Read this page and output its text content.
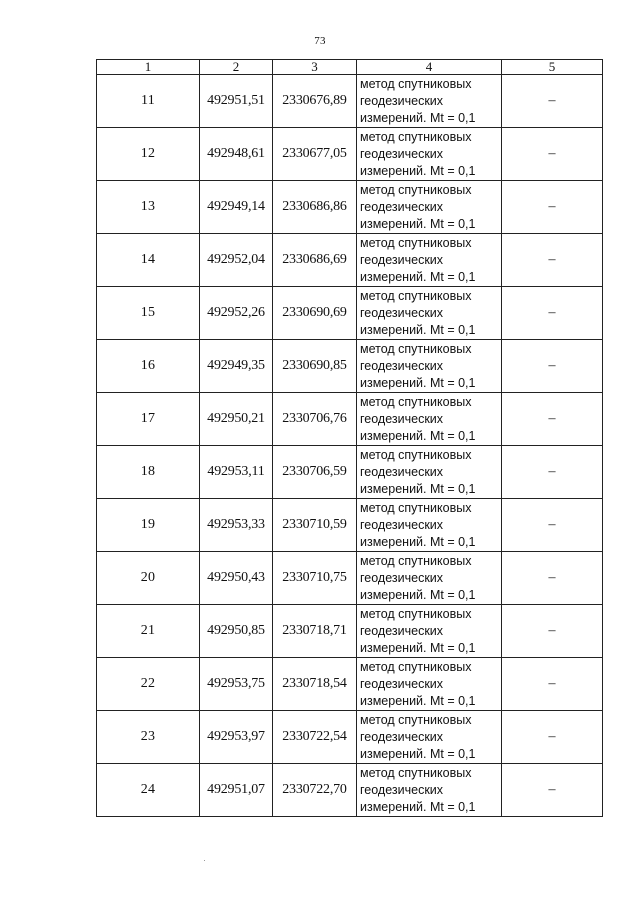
73
1	2	3	4	5
11	492951,51	2330676,89	метод спутниковых
геодезических
измерений. Mt = 0,1	–
12	492948,61	2330677,05	метод спутниковых
геодезических
измерений. Mt = 0,1	–
13	492949,14	2330686,86	метод спутниковых
геодезических
измерений. Mt = 0,1	–
14	492952,04	2330686,69	метод спутниковых
геодезических
измерений. Mt = 0,1	–
15	492952,26	2330690,69	метод спутниковых
геодезических
измерений. Mt = 0,1	–
16	492949,35	2330690,85	метод спутниковых
геодезических
измерений. Mt = 0,1	–
17	492950,21	2330706,76	метод спутниковых
геодезических
измерений. Mt = 0,1	–
18	492953,11	2330706,59	метод спутниковых
геодезических
измерений. Mt = 0,1	–
19	492953,33	2330710,59	метод спутниковых
геодезических
измерений. Mt = 0,1	–
20	492950,43	2330710,75	метод спутниковых
геодезических
измерений. Mt = 0,1	–
21	492950,85	2330718,71	метод спутниковых
геодезических
измерений. Mt = 0,1	–
22	492953,75	2330718,54	метод спутниковых
геодезических
измерений. Mt = 0,1	–
23	492953,97	2330722,54	метод спутниковых
геодезических
измерений. Mt = 0,1	–
24	492951,07	2330722,70	метод спутниковых
геодезических
измерений. Mt = 0,1	–
